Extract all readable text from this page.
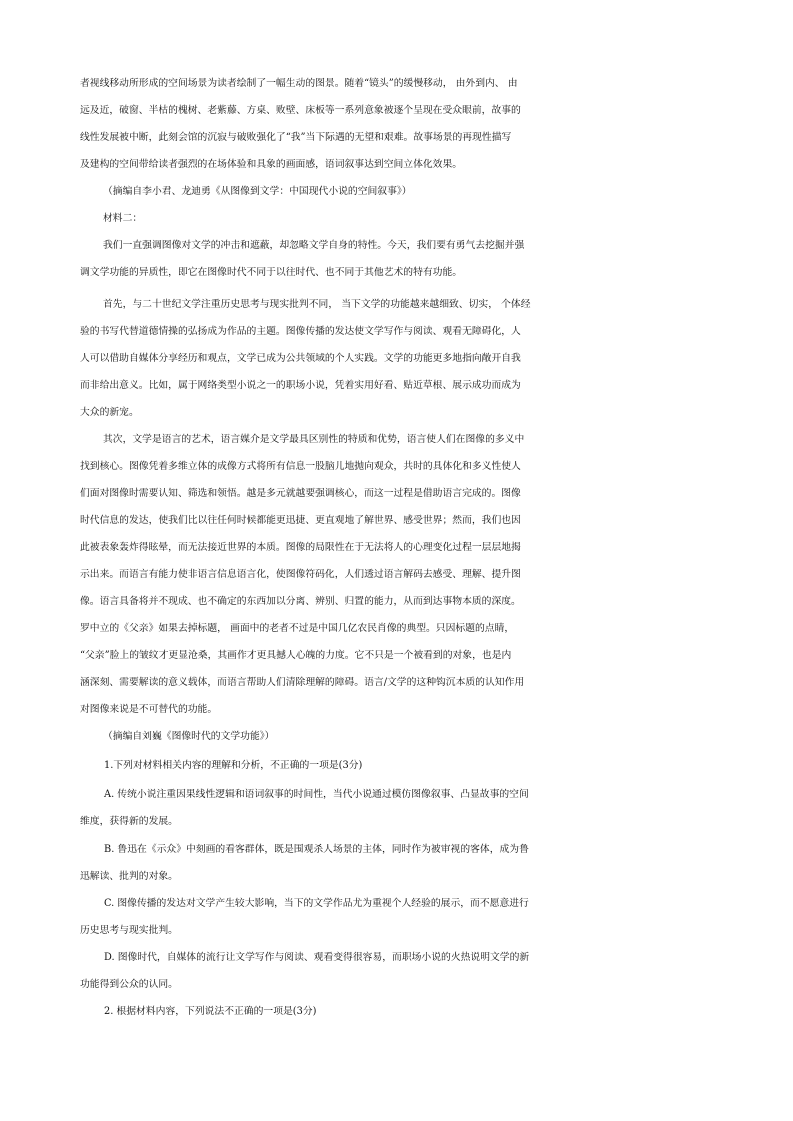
者视线移动所形成的空间场景为读者绘制了一幅生动的图景。随着“镜头”的缓慢移动， 由外到内、 由
远及近，破窗、半枯的槐树、老紫藤、方桌、败壁、床板等一系列意象被逐个呈现在受众眼前，故事的
线性发展被中断，此刻会馆的沉寂与破败强化了“我”当下际遇的无望和艰难。故事场景的再现性描写
及建构的空间带给读者强烈的在场体验和具象的画面感，语词叙事达到空间立体化效果。
（摘编自李小君、龙迪勇《从图像到文学：中国现代小说的空间叙事》）
材料二：
我们一直强调图像对文学的冲击和遮蔽，却忽略文学自身的特性。今天，我们要有勇气去挖掘并强
调文学功能的异质性，即它在图像时代不同于以往时代、也不同于其他艺术的特有功能。
首先，与二十世纪文学注重历史思考与现实批判不同， 当下文学的功能越来越细致、切实， 个体经
验的书写代替道德情操的弘扬成为作品的主题。图像传播的发达使文学写作与阅读、观看无障碍化，人
人可以借助自媒体分享经历和观点，文学已成为公共领域的个人实践。文学的功能更多地指向敞开自我
而非给出意义。比如，属于网络类型小说之一的职场小说，凭着实用好看、贴近草根、展示成功而成为
大众的新宠。
其次，文学是语言的艺术，语言媒介是文学最具区别性的特质和优势，语言使人们在图像的多义中
找到核心。图像凭着多维立体的成像方式将所有信息一股脑儿地抛向观众，共时的具体化和多义性使人
们面对图像时需要认知、筛选和领悟。越是多元就越要强调核心，而这一过程是借助语言完成的。图像
时代信息的发达，使我们比以往任何时候都能更迅捷、更直观地了解世界、感受世界；然而，我们也因
此被表象轰炸得眩晕，而无法接近世界的本质。图像的局限性在于无法将人的心理变化过程一层层地揭
示出来。而语言有能力使非语言信息语言化，使图像符码化，人们透过语言解码去感受、理解、提升图
像。语言具备将并不现成、也不确定的东西加以分离、辨别、归置的能力，从而到达事物本质的深度。
罗中立的《父亲》如果去掉标题， 画面中的老者不过是中国几亿农民肖像的典型。只因标题的点睛，
“父亲”脸上的皱纹才更显沧桑，其画作才更具撼人心魄的力度。它不只是一个被看到的对象，也是内
涵深刻、需要解读的意义载体，而语言帮助人们清除理解的障碍。语言/文学的这种钩沉本质的认知作用
对图像来说是不可替代的功能。
（摘编自刘巍《图像时代的文学功能》）
1.下列对材料相关内容的理解和分析，不正确的一项是(3分)
A. 传统小说注重因果线性逻辑和语词叙事的时间性，当代小说通过模仿图像叙事、凸显故事的空间
维度，获得新的发展。
B. 鲁迅在《示众》中刻画的看客群体，既是围观杀人场景的主体，同时作为被审视的客体，成为鲁
迅解读、批判的对象。
C. 图像传播的发达对文学产生较大影响，当下的文学作品尤为重视个人经验的展示，而不愿意进行
历史思考与现实批判。
D. 图像时代，自媒体的流行让文学写作与阅读、观看变得很容易，而职场小说的火热说明文学的新
功能得到公众的认同。
2. 根据材料内容，下列说法不正确的一项是(3分)
